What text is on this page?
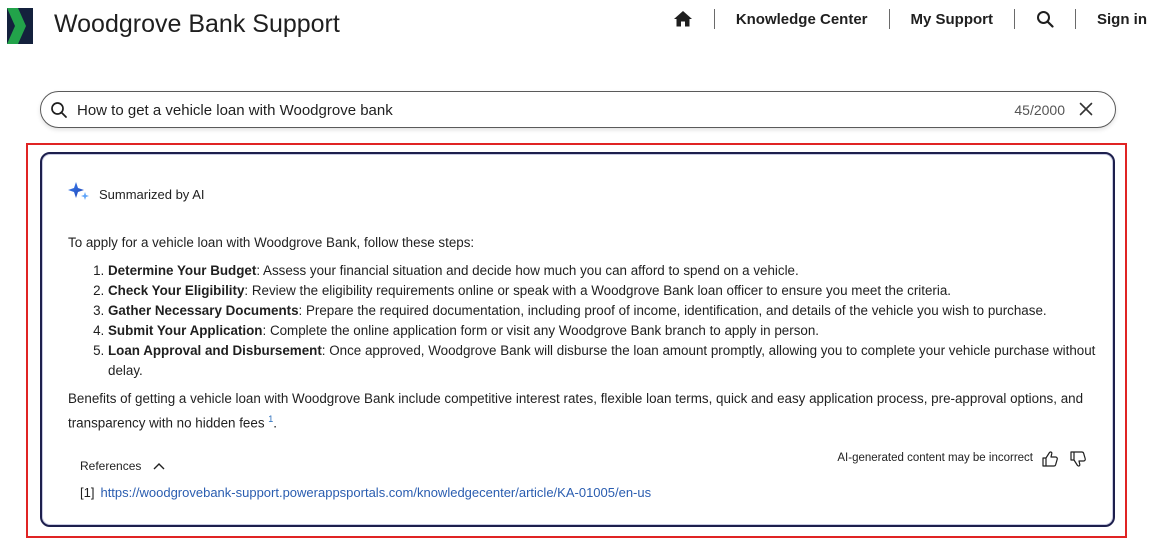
Woodgrove Bank Support	Knowledge Center	My Support	Sign in
How to get a vehicle loan with Woodgrove bank
45/2000
Summarized by AI

To apply for a vehicle loan with Woodgrove Bank, follow these steps:

1. Determine Your Budget: Assess your financial situation and decide how much you can afford to spend on a vehicle.
2. Check Your Eligibility: Review the eligibility requirements online or speak with a Woodgrove Bank loan officer to ensure you meet the criteria.
3. Gather Necessary Documents: Prepare the required documentation, including proof of income, identification, and details of the vehicle you wish to purchase.
4. Submit Your Application: Complete the online application form or visit any Woodgrove Bank branch to apply in person.
5. Loan Approval and Disbursement: Once approved, Woodgrove Bank will disburse the loan amount promptly, allowing you to complete your vehicle purchase without delay.

Benefits of getting a vehicle loan with Woodgrove Bank include competitive interest rates, flexible loan terms, quick and easy application process, pre-approval options, and transparency with no hidden fees $^1$.

References
AI-generated content may be incorrect
[1] https://woodgrovebank-support.powerappsportals.com/knowledgecenter/article/KA-01005/en-us
